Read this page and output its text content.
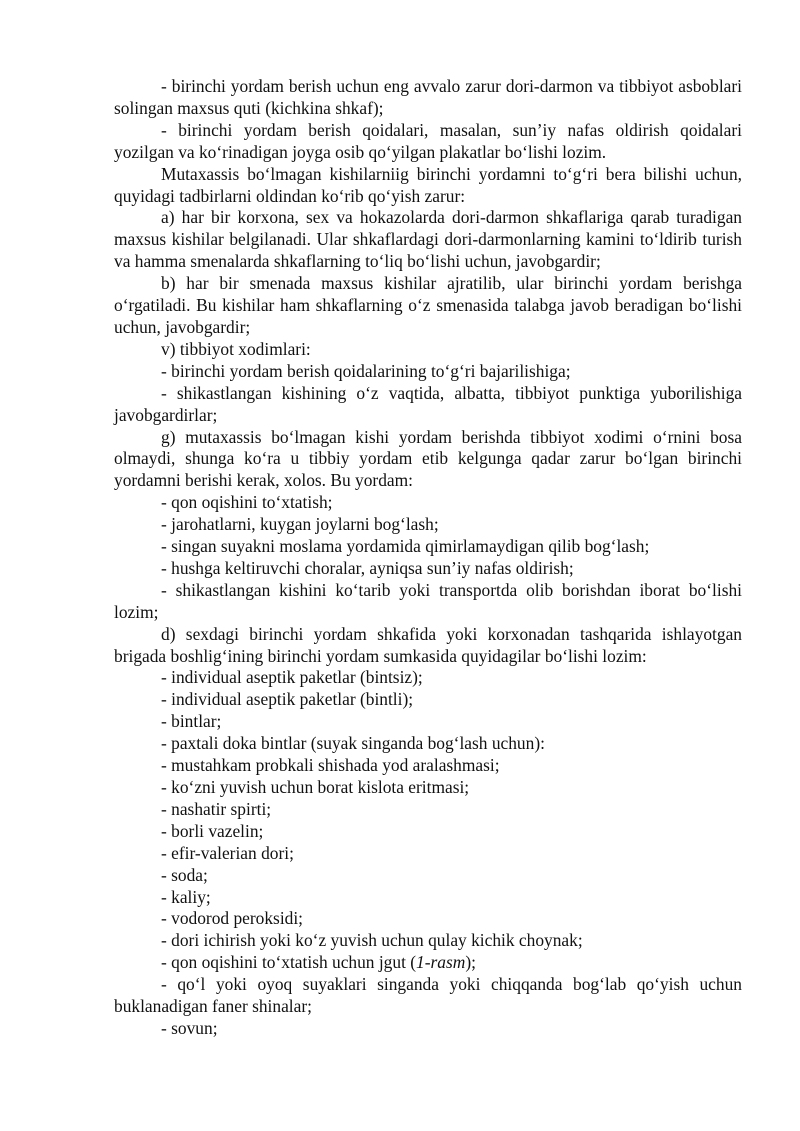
- birinchi yordam berish uchun eng avvalo zarur dori-darmon va tibbiyot asboblari solingan maxsus quti (kichkina shkaf);

- birinchi yordam berish qoidalari, masalan, sun’iy nafas oldirish qoidalari yozilgan va ko‘rinadigan joyga osib qo‘yilgan plakatlar bo‘lishi lozim.

Mutaxassis bo‘lmagan kishilarniig birinchi yordamni to‘g‘ri bera bilishi uchun, quyidagi tadbirlarni oldindan ko‘rib qo‘yish zarur:

a) har bir korxona, sex va hokazolarda dori-darmon shkaflariga qarab turadigan maxsus kishilar belgilanadi. Ular shkaflardagi dori-darmonlarning kamini to‘ldirib turish va hamma smenalarda shkaflarning to‘liq bo‘lishi uchun, javobgardir;

b) har bir smenada maxsus kishilar ajratilib, ular birinchi yordam berishga o‘rgatiladi. Bu kishilar ham shkaflarning o‘z smenasida talabga javob beradigan bo‘lishi uchun, javobgardir;

v) tibbiyot xodimlari:

- birinchi yordam berish qoidalarining to‘g‘ri bajarilishiga;

- shikastlangan kishining o‘z vaqtida, albatta, tibbiyot punktiga yuborilishiga javobgardirlar;

g) mutaxassis bo‘lmagan kishi yordam berishda tibbiyot xodimi o‘rnini bosa olmaydi, shunga ko‘ra u tibbiy yordam etib kelgunga qadar zarur bo‘lgan birinchi yordamni berishi kerak, xolos. Bu yordam:

- qon oqishini to‘xtatish;

- jarohatlarni, kuygan joylarni bog‘lash;

- singan suyakni moslama yordamida qimirlamaydigan qilib bog‘lash;

- hushga keltiruvchi choralar, ayniqsa sun’iy nafas oldirish;

- shikastlangan kishini ko‘tarib yoki transportda olib borishdan iborat bo‘lishi lozim;

d) sexdagi birinchi yordam shkafida yoki korxonadan tashqarida ishlayotgan brigada boshlig‘ining birinchi yordam sumkasida quyidagilar bo‘lishi lozim:

- individual aseptik paketlar (bintsiz);

- individual aseptik paketlar (bintli);

- bintlar;

- paxtali doka bintlar (suyak singanda bog‘lash uchun):

- mustahkam probkali shishada yod aralashmasi;

- ko‘zni yuvish uchun borat kislota eritmasi;

- nashatir spirti;

- borli vazelin;

- efir-valerian dori;

- soda;

- kaliy;

- vodorod peroksidi;

- dori ichirish yoki ko‘z yuvish uchun qulay kichik choynak;

- qon oqishini to‘xtatish uchun jgut (1-rasm);

- qo‘l yoki oyoq suyaklari singanda yoki chiqqanda bog‘lab qo‘yish uchun buklanadigan faner shinalar;

- sovun;
